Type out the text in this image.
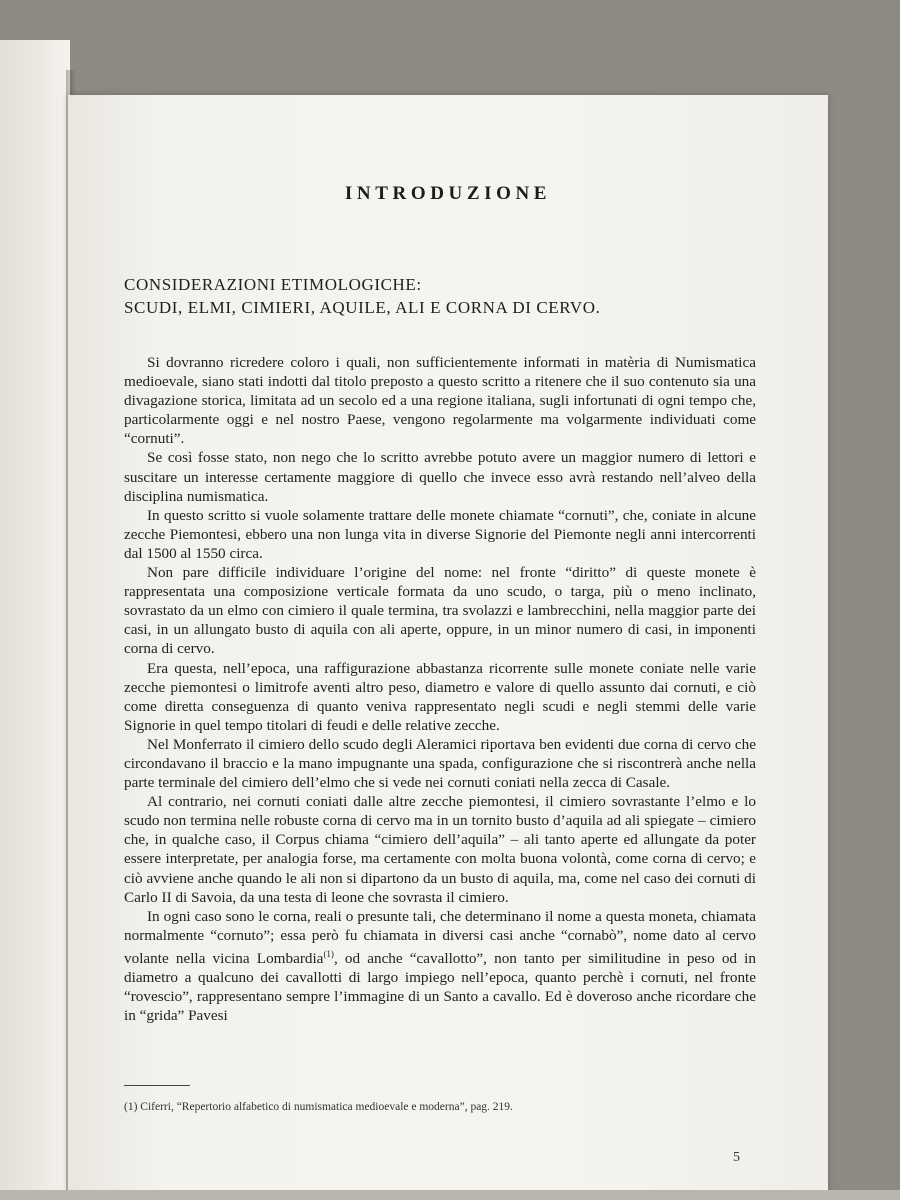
INTRODUZIONE
CONSIDERAZIONI ETIMOLOGICHE:
SCUDI, ELMI, CIMIERI, AQUILE, ALI E CORNA DI CERVO.

Si dovranno ricredere coloro i quali, non sufficientemente informati in matèria di Numismatica medioevale, siano stati indotti dal titolo preposto a questo scritto a ritenere che il suo contenuto sia una divagazione storica, limitata ad un secolo ed a una regione italiana, sugli infortunati di ogni tempo che, particolarmente oggi e nel nostro Paese, vengono regolarmente ma volgarmente individuati come “cornuti”.

Se così fosse stato, non nego che lo scritto avrebbe potuto avere un maggior numero di lettori e suscitare un interesse certamente maggiore di quello che invece esso avrà restando nell’alveo della disciplina numismatica.

In questo scritto si vuole solamente trattare delle monete chiamate “cornuti”, che, coniate in alcune zecche Piemontesi, ebbero una non lunga vita in diverse Signorie del Piemonte negli anni intercorrenti dal 1500 al 1550 circa.

Non pare difficile individuare l’origine del nome: nel fronte “diritto” di queste monete è rappresentata una composizione verticale formata da uno scudo, o targa, più o meno inclinato, sovrastato da un elmo con cimiero il quale termina, tra svolazzi e lambrecchini, nella maggior parte dei casi, in un allungato busto di aquila con ali aperte, oppure, in un minor numero di casi, in imponenti corna di cervo.

Era questa, nell’epoca, una raffigurazione abbastanza ricorrente sulle monete coniate nelle varie zecche piemontesi o limitrofe aventi altro peso, diametro e valore di quello assunto dai cornuti, e ciò come diretta conseguenza di quanto veniva rappresentato negli scudi e negli stemmi delle varie Signorie in quel tempo titolari di feudi e delle relative zecche.

Nel Monferrato il cimiero dello scudo degli Aleramici riportava ben evidenti due corna di cervo che circondavano il braccio e la mano impugnante una spada, configurazione che si riscontrerà anche nella parte terminale del cimiero dell’elmo che si vede nei cornuti coniati nella zecca di Casale.

Al contrario, nei cornuti coniati dalle altre zecche piemontesi, il cimiero sovrastante l’elmo e lo scudo non termina nelle robuste corna di cervo ma in un tornito busto d’aquila ad ali spiegate – cimiero che, in qualche caso, il Corpus chiama “cimiero dell’aquila” – ali tanto aperte ed allungate da poter essere interpretate, per analogia forse, ma certamente con molta buona volontà, come corna di cervo; e ciò avviene anche quando le ali non si dipartono da un busto di aquila, ma, come nel caso dei cornuti di Carlo II di Savoia, da una testa di leone che sovrasta il cimiero.

In ogni caso sono le corna, reali o presunte tali, che determinano il nome a questa moneta, chiamata normalmente “cornuto”; essa però fu chiamata in diversi casi anche “cornabò”, nome dato al cervo volante nella vicina Lombardia$^{(1)}$, od anche “cavallotto”, non tanto per similitudine in peso od in diametro a qualcuno dei cavallotti di largo impiego nell’epoca, quanto perchè i cornuti, nel fronte “rovescio”, rappresentano sempre l’immagine di un Santo a cavallo. Ed è doveroso anche ricordare che in “grida” Pavesi

(1) Ciferri, “Repertorio alfabetico di numismatica medioevale e moderna”, pag. 219.
5
